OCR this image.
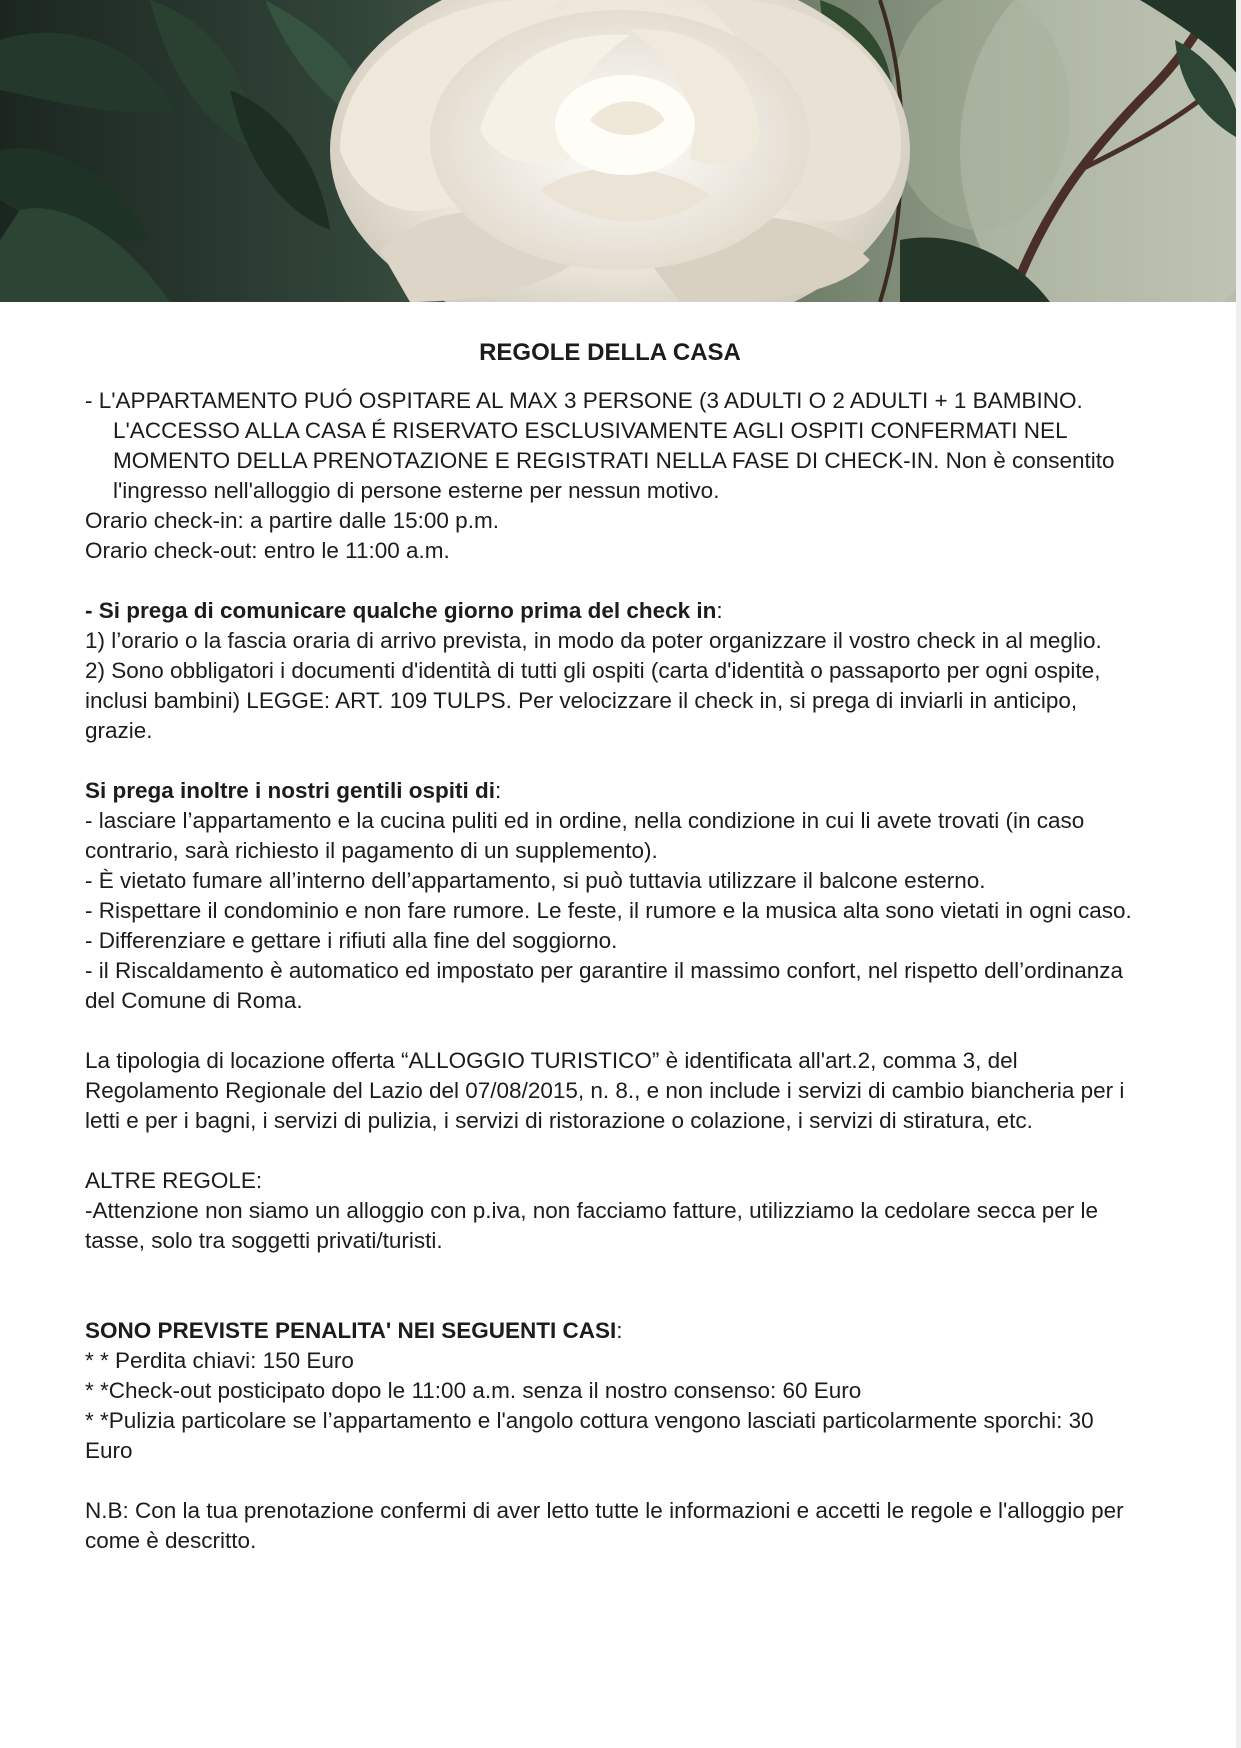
REGOLE DELLA CASA

- L'APPARTAMENTO PUÓ OSPITARE AL MAX 3 PERSONE (3 ADULTI O 2 ADULTI + 1 BAMBINO. L'ACCESSO ALLA CASA É RISERVATO ESCLUSIVAMENTE AGLI OSPITI CONFERMATI NEL MOMENTO DELLA PRENOTAZIONE E REGISTRATI NELLA FASE DI CHECK-IN. Non è consentito l'ingresso nell'alloggio di persone esterne per nessun motivo.

Orario check-in: a partire dalle 15:00 p.m.

Orario check-out: entro le 11:00 a.m.

- Si prega di comunicare qualche giorno prima del check in:

1) l’orario o la fascia oraria di arrivo prevista, in modo da poter organizzare il vostro check in al meglio.

2) Sono obbligatori i documenti d'identità di tutti gli ospiti (carta d'identità o passaporto per ogni ospite, inclusi bambini) LEGGE: ART. 109 TULPS. Per velocizzare il check in, si prega di inviarli in anticipo, grazie.

Si prega inoltre i nostri gentili ospiti di:

- lasciare l’appartamento e la cucina puliti ed in ordine, nella condizione in cui li avete trovati (in caso contrario, sarà richiesto il pagamento di un supplemento).

- È vietato fumare all’interno dell’appartamento, si può tuttavia utilizzare il balcone esterno.

- Rispettare il condominio e non fare rumore. Le feste, il rumore e la musica alta sono vietati in ogni caso.

- Differenziare e gettare i rifiuti alla fine del soggiorno.

- il Riscaldamento è automatico ed impostato per garantire il massimo confort, nel rispetto dell’ordinanza del Comune di Roma.

La tipologia di locazione offerta “ALLOGGIO TURISTICO” è identificata all'art.2, comma 3, del Regolamento Regionale del Lazio del 07/08/2015, n. 8., e non include i servizi di cambio biancheria per i letti e per i bagni, i servizi di pulizia, i servizi di ristorazione o colazione, i servizi di stiratura, etc.

ALTRE REGOLE:

-Attenzione non siamo un alloggio con p.iva, non facciamo fatture, utilizziamo la cedolare secca per le tasse, solo tra soggetti privati/turisti.

SONO PREVISTE PENALITA' NEI SEGUENTI CASI:

* * Perdita chiavi: 150 Euro

* *Check-out posticipato dopo le 11:00 a.m. senza il nostro consenso: 60 Euro

* *Pulizia particolare se l’appartamento e l'angolo cottura vengono lasciati particolarmente sporchi: 30 Euro

N.B: Con la tua prenotazione confermi di aver letto tutte le informazioni e accetti le regole e l'alloggio per come è descritto.
